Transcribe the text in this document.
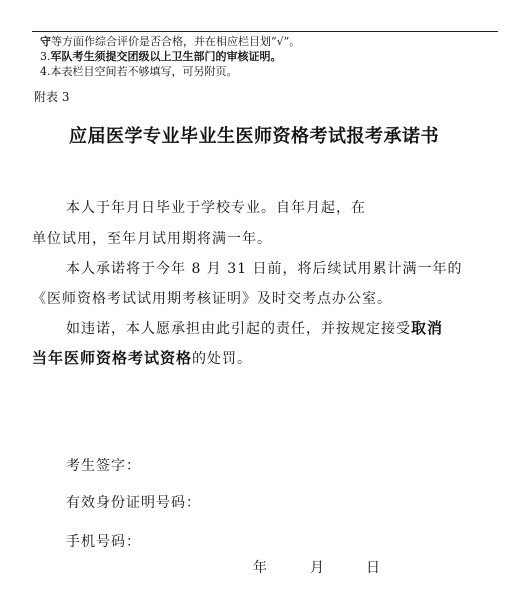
守等方面作综合评价是否合格，并在相应栏目划“√”。
3.军队考生须提交团级以上卫生部门的审核证明。
4.本表栏目空间若不够填写，可另附页。
附表 3
应届医学专业毕业生医师资格考试报考承诺书
本人于年月日毕业于学校专业。自年月起，在
单位试用，至年月试用期将满一年。
本人承诺将于今年 8 月 31 日前，将后续试用累计满一年的
《医师资格考试试用期考核证明》及时交考点办公室。
如违诺，本人愿承担由此引起的责任，并按规定接受取消
当年医师资格考试资格的处罚。
考生签字：
有效身份证明号码：
手机号码：
年	月	日
